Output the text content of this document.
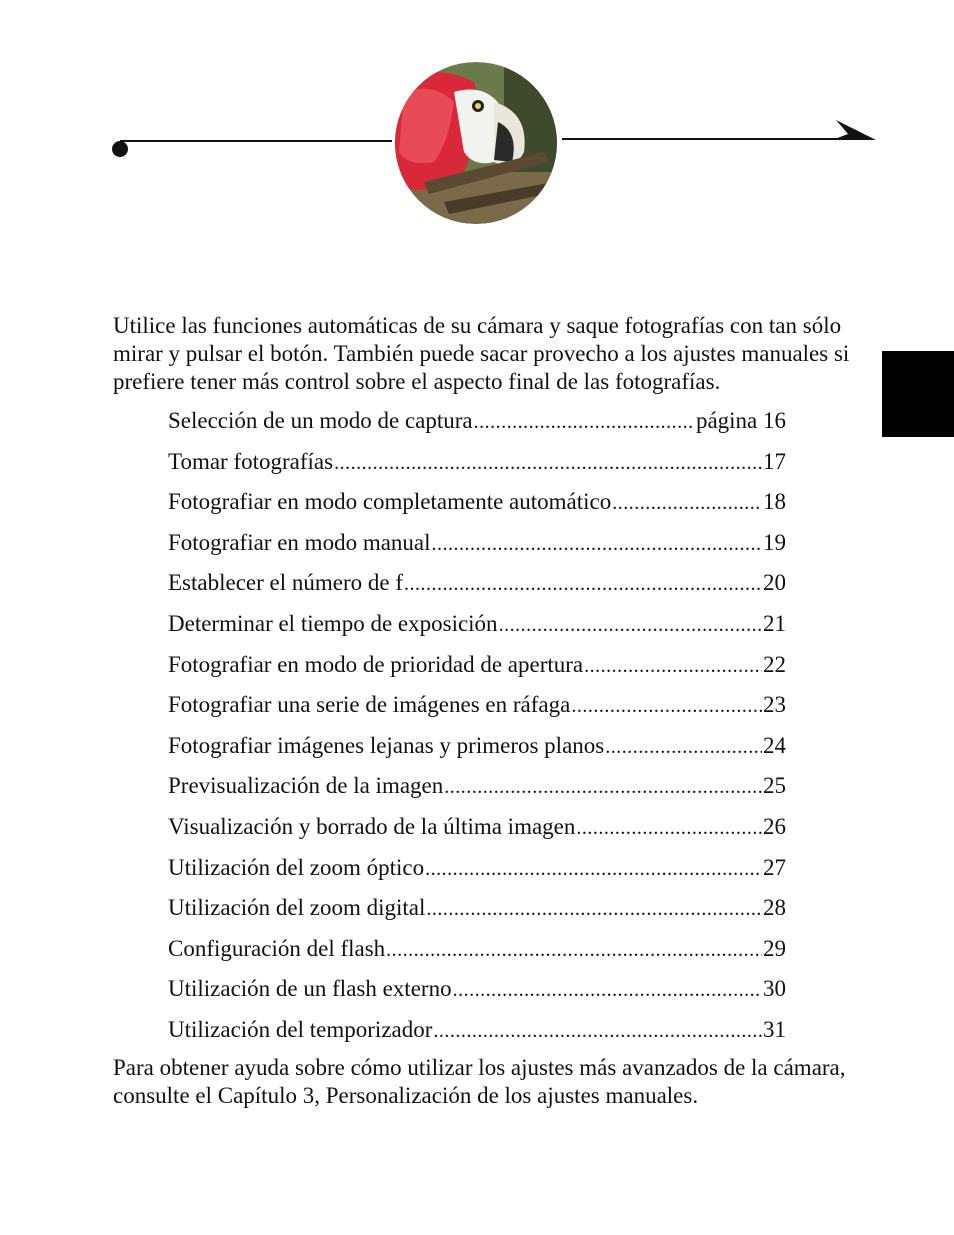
Utilice las funciones automáticas de su cámara y saque fotografías con tan sólo mirar y pulsar el botón. También puede sacar provecho a los ajustes manuales si prefiere tener más control sobre el aspecto final de las fotografías.

Selección de un modo de captura .....	página 16
Tomar fotografías .....	17
Fotografiar en modo completamente automático .....	18
Fotografiar en modo manual .....	19
Establecer el número de f .....	20
Determinar el tiempo de exposición .....	21
Fotografiar en modo de prioridad de apertura .....	22
Fotografiar una serie de imágenes en ráfaga .....	23
Fotografiar imágenes lejanas y primeros planos .....	24
Previsualización de la imagen .....	25
Visualización y borrado de la última imagen .....	26
Utilización del zoom óptico .....	27
Utilización del zoom digital .....	28
Configuración del flash .....	29
Utilización de un flash externo .....	30
Utilización del temporizador .....	31

Para obtener ayuda sobre cómo utilizar los ajustes más avanzados de la cámara, consulte el Capítulo 3, Personalización de los ajustes manuales.
